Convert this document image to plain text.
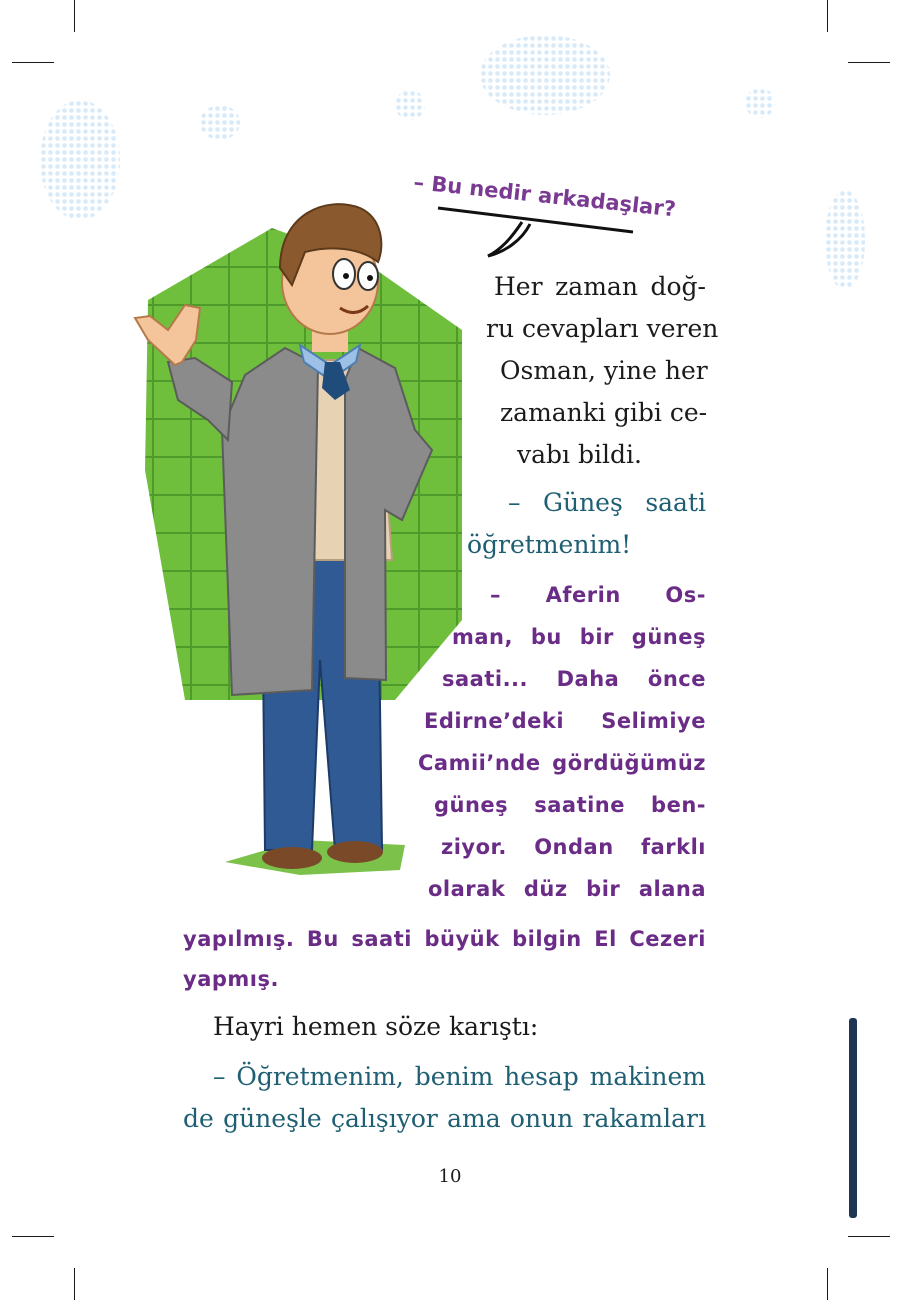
– Bu nedir arkadaşlar?
Her zaman doğ-
ru cevapları veren
Osman, yine her
zamanki gibi ce-
vabı bildi.
– Güneş saati
öğretmenim!
– Aferin Os-
man, bu bir güneş
saati... Daha önce
Edirne’deki Selimiye
Camii’nde gördüğümüz
güneş saatine ben-
ziyor. Ondan farklı
olarak düz bir alana
yapılmış. Bu saati büyük bilgin El Cezeri
yapmış.
Hayri hemen söze karıştı:
– Öğretmenim, benim hesap makinem
de güneşle çalışıyor ama onun rakamları
10
